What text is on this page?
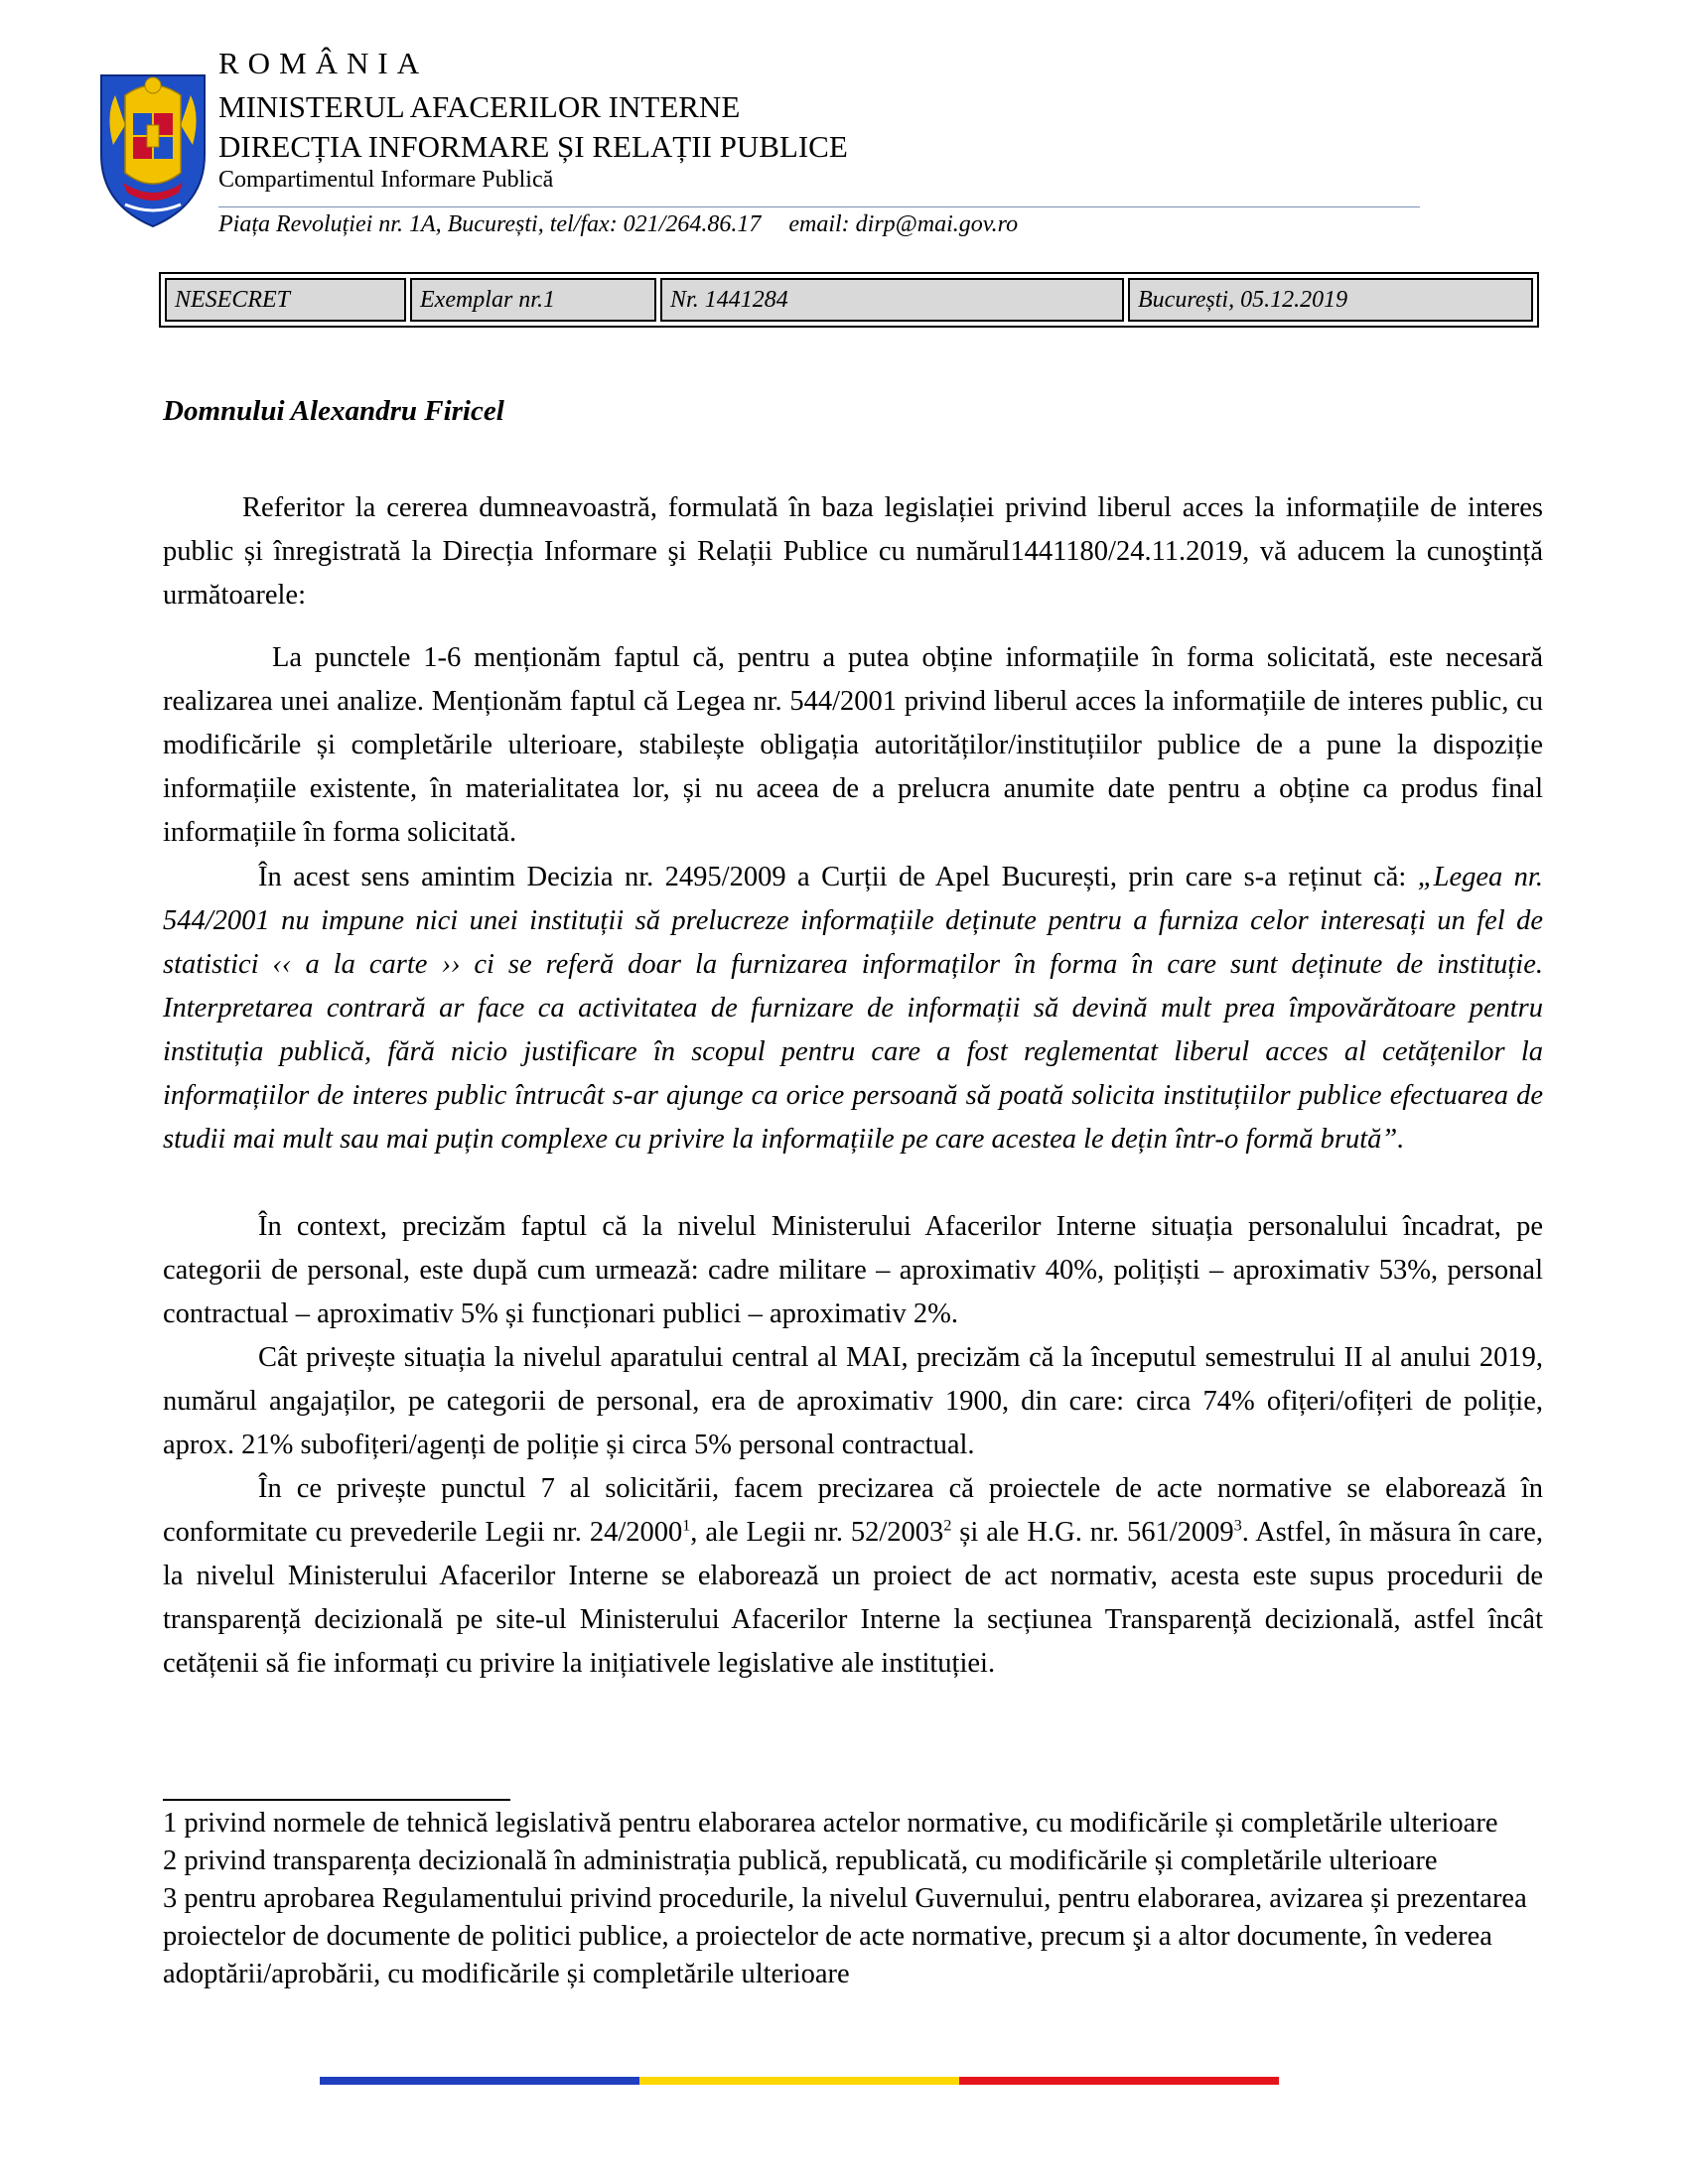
ROMÂNIA
MINISTERUL AFACERILOR INTERNE
DIRECȚIA INFORMARE ȘI RELAȚII PUBLICE
Compartimentul Informare Publică
Piața Revoluției nr. 1A, București, tel/fax: 021/264.86.17 email: dirp@mai.gov.ro
NESECRET	Exemplar nr.1	Nr. 1441284	București, 05.12.2019
Domnului Alexandru Firicel
Referitor la cererea dumneavoastră, formulată în baza legislației privind liberul acces la informațiile de interes public și înregistrată la Direcția Informare şi Relații Publice cu numărul1441180/24.11.2019, vă aducem la cunoştință următoarele:
La punctele 1-6 menționăm faptul că, pentru a putea obține informațiile în forma solicitată, este necesară realizarea unei analize. Menționăm faptul că Legea nr. 544/2001 privind liberul acces la informațiile de interes public, cu modificările și completările ulterioare, stabilește obligația autorităților/instituțiilor publice de a pune la dispoziție informațiile existente, în materialitatea lor, și nu aceea de a prelucra anumite date pentru a obține ca produs final informațiile în forma solicitată.
În acest sens amintim Decizia nr. 2495/2009 a Curții de Apel București, prin care s-a reținut că: „Legea nr. 544/2001 nu impune nici unei instituții să prelucreze informațiile deținute pentru a furniza celor interesați un fel de statistici ‹‹ a la carte ›› ci se referă doar la furnizarea informaților în forma în care sunt deținute de instituție. Interpretarea contrară ar face ca activitatea de furnizare de informații să devină mult prea împovărătoare pentru instituția publică, fără nicio justificare în scopul pentru care a fost reglementat liberul acces al cetățenilor la informațiilor de interes public întrucât s-ar ajunge ca orice persoană să poată solicita instituțiilor publice efectuarea de studii mai mult sau mai puțin complexe cu privire la informațiile pe care acestea le dețin într-o formă brută”.
În context, precizăm faptul că la nivelul Ministerului Afacerilor Interne situația personalului încadrat, pe categorii de personal, este după cum urmează: cadre militare – aproximativ 40%, polițiști – aproximativ 53%, personal contractual – aproximativ 5% și funcționari publici – aproximativ 2%.
Cât privește situația la nivelul aparatului central al MAI, precizăm că la începutul semestrului II al anului 2019, numărul angajaților, pe categorii de personal, era de aproximativ 1900, din care: circa 74% ofițeri/ofițeri de poliție, aprox. 21% subofițeri/agenți de poliție și circa 5% personal contractual.
În ce privește punctul 7 al solicitării, facem precizarea că proiectele de acte normative se elaborează în conformitate cu prevederile Legii nr. 24/2000$^1$, ale Legii nr. 52/2003$^2$ și ale H.G. nr. 561/2009$^3$. Astfel, în măsura în care, la nivelul Ministerului Afacerilor Interne se elaborează un proiect de act normativ, acesta este supus procedurii de transparență decizională pe site-ul Ministerului Afacerilor Interne la secțiunea Transparență decizională, astfel încât cetățenii să fie informați cu privire la inițiativele legislative ale instituției.
1 privind normele de tehnică legislativă pentru elaborarea actelor normative, cu modificările și completările ulterioare
2 privind transparența decizională în administrația publică, republicată, cu modificările și completările ulterioare
3 pentru aprobarea Regulamentului privind procedurile, la nivelul Guvernului, pentru elaborarea, avizarea și prezentarea proiectelor de documente de politici publice, a proiectelor de acte normative, precum şi a altor documente, în vederea adoptării/aprobării, cu modificările și completările ulterioare
